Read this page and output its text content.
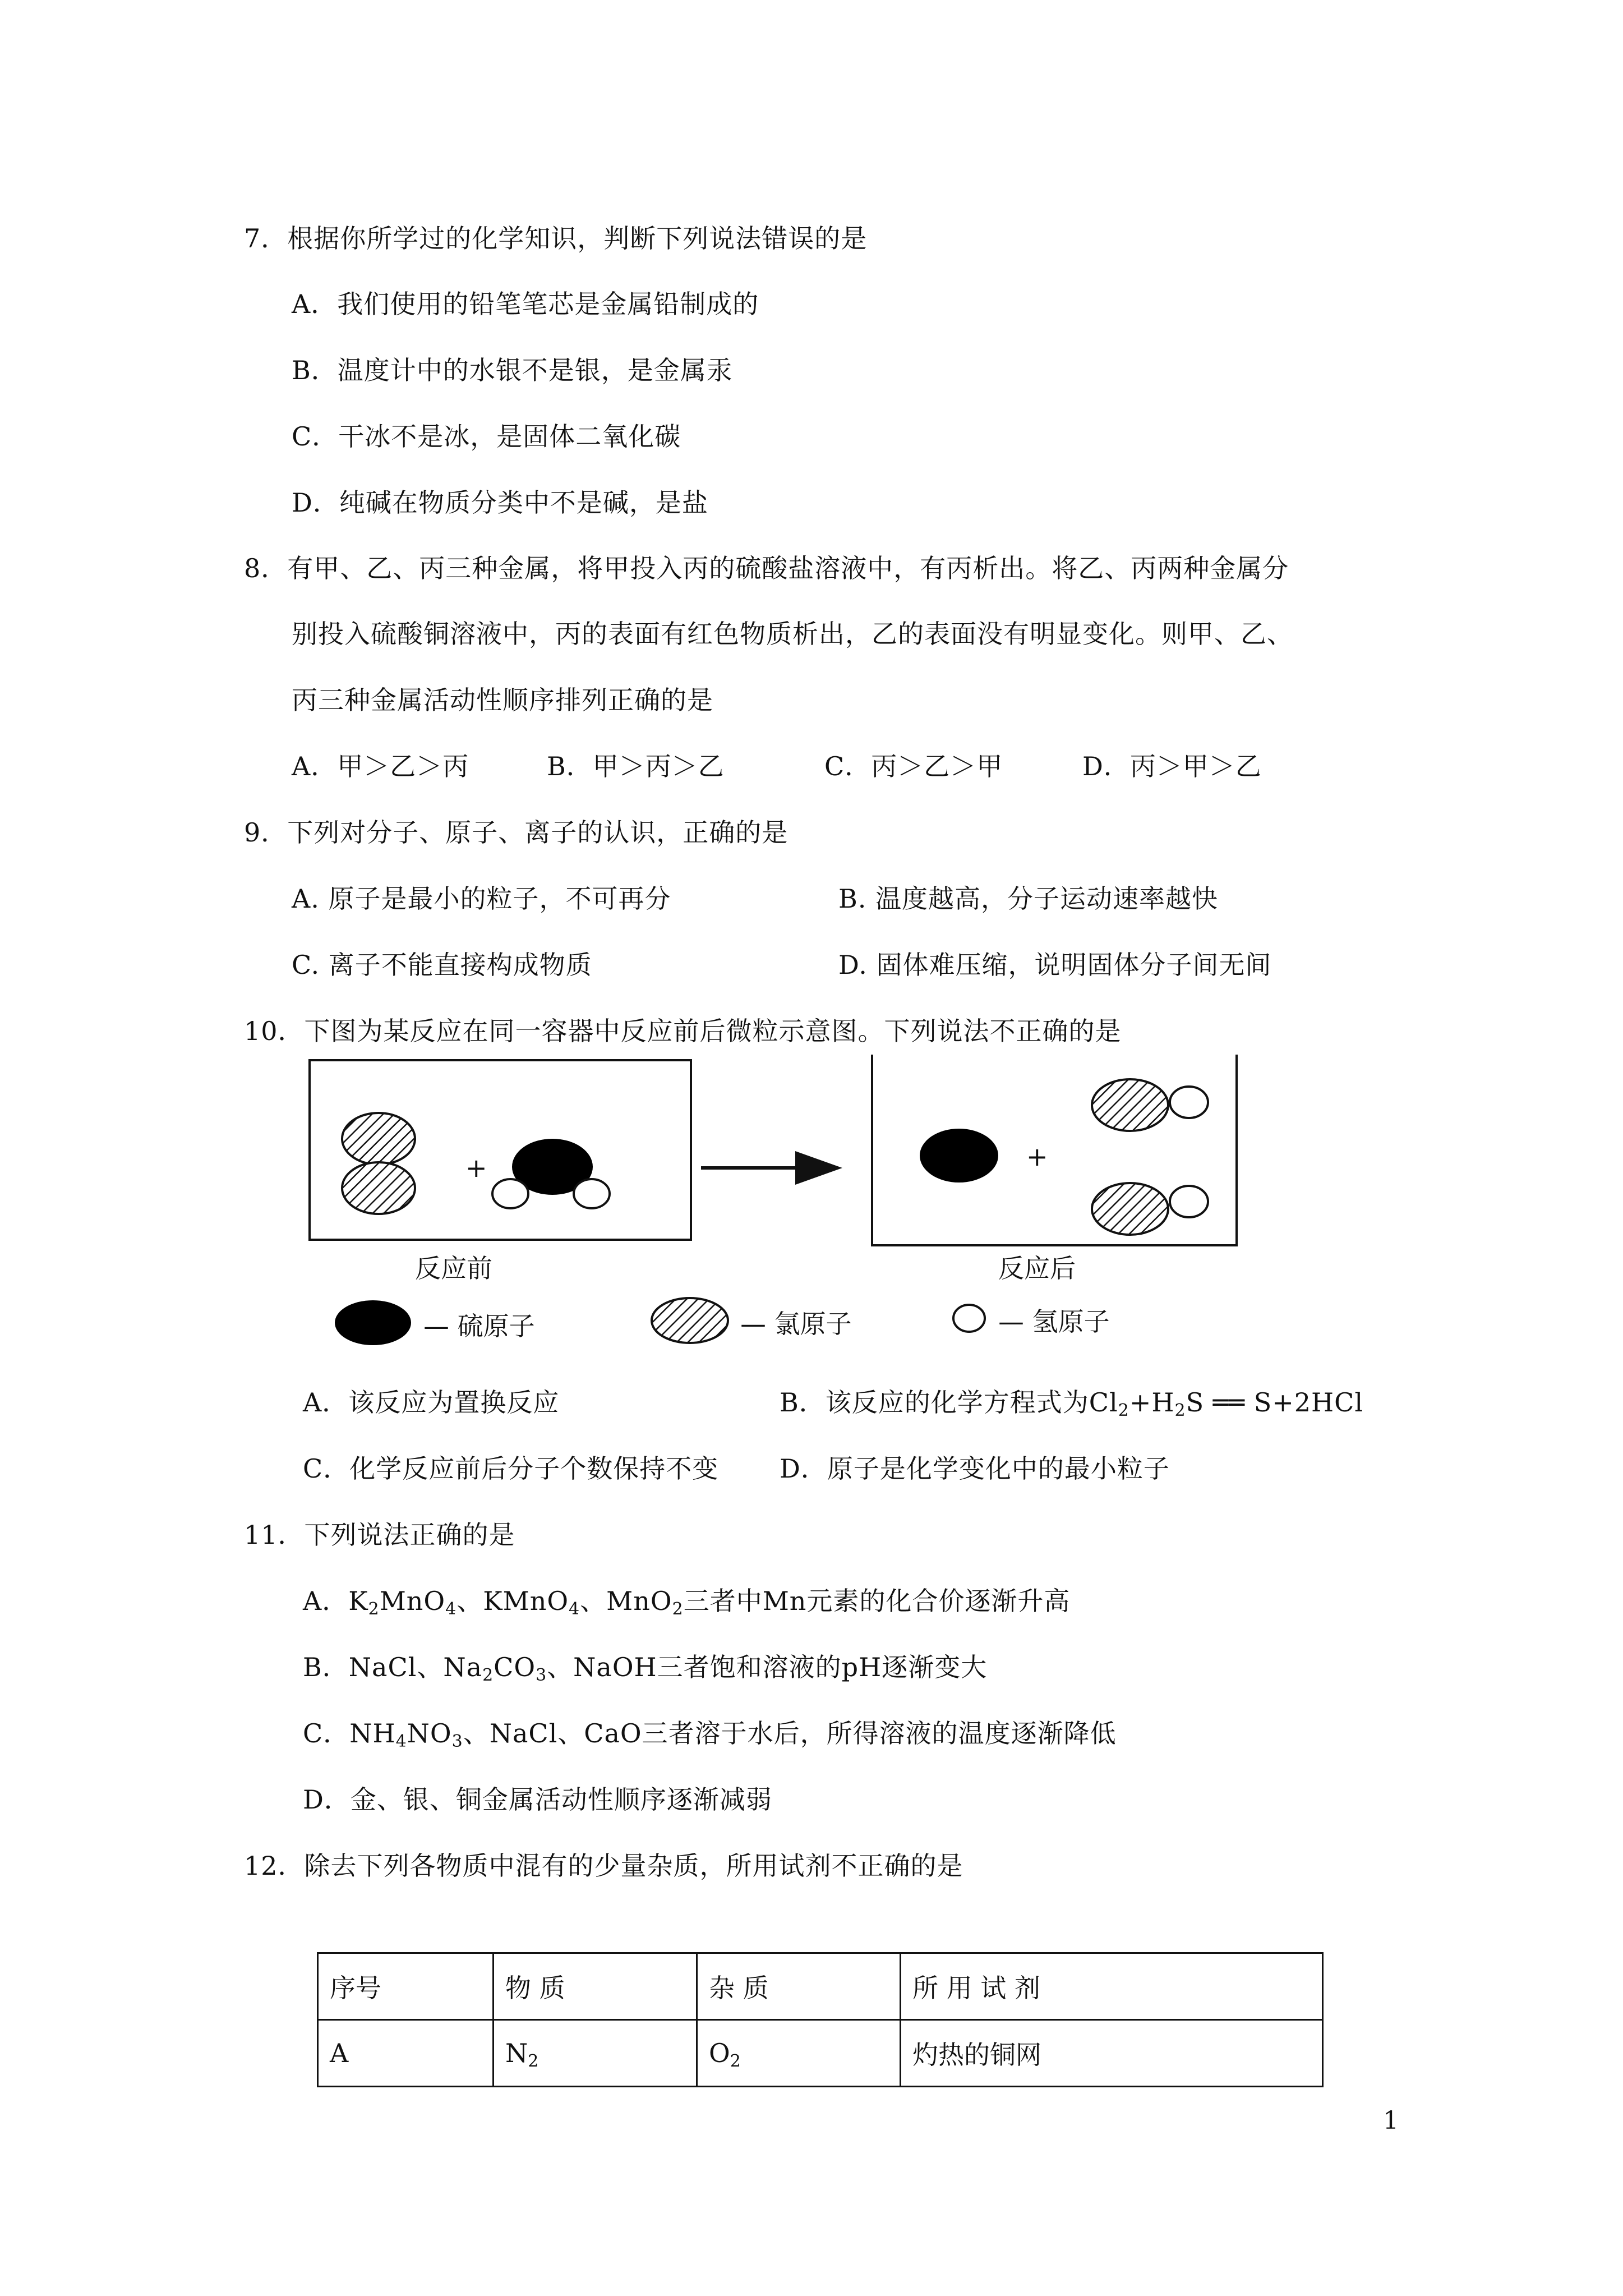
7．根据你所学过的化学知识，判断下列说法错误的是
A．我们使用的铅笔笔芯是金属铅制成的
B．温度计中的水银不是银，是金属汞
C．干冰不是冰，是固体二氧化碳
D．纯碱在物质分类中不是碱，是盐
8．有甲、乙、丙三种金属，将甲投入丙的硫酸盐溶液中，有丙析出。将乙、丙两种金属分
别投入硫酸铜溶液中，丙的表面有红色物质析出，乙的表面没有明显变化。则甲、乙、
丙三种金属活动性顺序排列正确的是
A．甲＞乙＞丙	B．甲＞丙＞乙	C．丙＞乙＞甲	D．丙＞甲＞乙
9．下列对分子、原子、离子的认识，正确的是
A. 原子是最小的粒子，不可再分	B. 温度越高，分子运动速率越快
C. 离子不能直接构成物质	D. 固体难压缩，说明固体分子间无间
10．下图为某反应在同一容器中反应前后微粒示意图。下列说法不正确的是
+	+
反应前	反应后
— 硫原子	— 氯原子	— 氢原子
A．该反应为置换反应	B．该反应的化学方程式为$Cl_2+H_2S$ ══ S+2HCl
C．化学反应前后分子个数保持不变 D．原子是化学变化中的最小粒子
11．下列说法正确的是
A．$K_2MnO_4$、KMnO$_4$、MnO$_2$三者中Mn元素的化合价逐渐升高
B．NaCl、$Na_2CO_3$、NaOH三者饱和溶液的pH逐渐变大
C．$NH_4NO_3$、NaCl、CaO三者溶于水后，所得溶液的温度逐渐降低
D．金、银、铜金属活动性顺序逐渐减弱
12．除去下列各物质中混有的少量杂质，所用试剂不正确的是
序号	物 质	杂 质	所 用 试 剂
A	$N_2$	$O_2$	灼热的铜网
1
